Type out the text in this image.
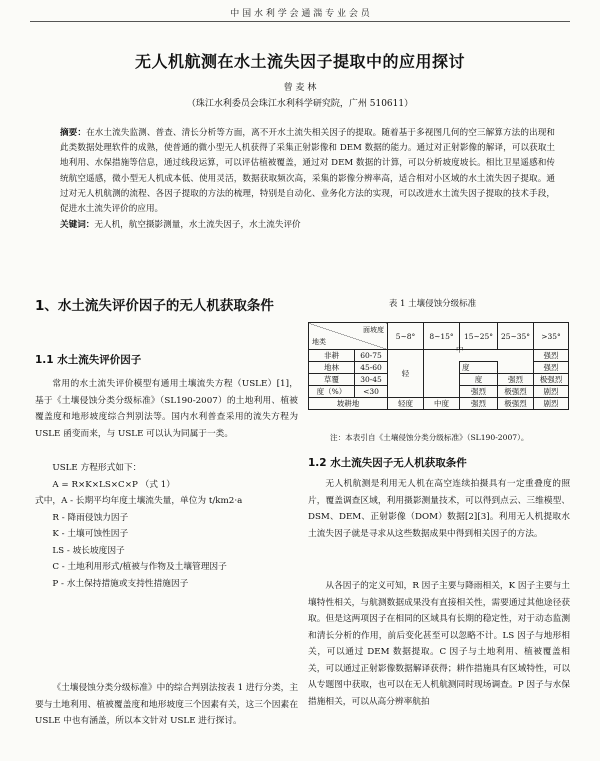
中 国 水 利 学 会 通 湍 专 业 会 员
无人机航测在水土流失因子提取中的应用探讨
曾 麦 林
（珠江水利委员会珠江水利科学研究院，广州 510611）
摘要：在水土流失监测、普查、清长分析等方面，离不开水土流失相关因子的提取。随着基于多视图几何的空三解算方法的出现和此类数据处理软件的成熟，使普通的微小型无人机获得了采集正射影像和 DEM 数据的能力。通过对正射影像的解译，可以获取土地利用、水保措施等信息，通过线段运算，可以评估植被覆盖，通过对 DEM 数据的计算，可以分析坡度坡长。相比卫星遥感和传统航空遥感，微小型无人机成本低、使用灵活，数据获取频次高，采集的影像分辨率高，适合相对小区域的水土流失因子提取。通过对无人机航测的流程、各因子提取的方法的梳理，特别是自动化、业务化方法的实现，可以改进水土流失因子提取的技术手段，促进水土流失评价的应用。
关键词：无人机，航空摄影测量，水土流失因子，水土流失评价
1、水土流失评价因子的无人机获取条件
1.1 水土流失评价因子
常用的水土流失评价模型有通用土壤流失方程（USLE）[1]，基于《土壤侵蚀分类分级标准》（SL190-2007）的土地利用、植被覆盖度和地形坡度综合判别法等。国内水利普查采用的流失方程为 USLE 函变而来，与 USLE 可以认为同属于一类。

USLE 方程形式如下：

A = R×K×LS×C×P （式 1）

式中，A - 长期平均年度土壤流失量，单位为 t/km2·a

R - 降雨侵蚀力因子

K - 土壤可蚀性因子

LS - 坡长坡度因子

C - 土地利用形式/植被与作物及土壤管理因子

P - 水土保持措施或支持性措施因子

《土壤侵蚀分类分级标准》中的综合判别法按表 1 进行分类，主要与土地利用、植被覆盖度和地形坡度三个因素有关，这三个因素在 USLE 中也有涵盖，所以本文针对 USLE 进行探讨。
表 1 土壤侵蚀分级标准
面坡度
地类		5~8°	8~15°	15~25°	25~35°	>35°
非耕	60-75	轻				强烈
地林	45-60			度		强烈
草覆	30-45			度	强烈	极强烈
度（%）	<30			强烈	极强烈	剧烈
坡耕地		轻度	中度	强烈	极强烈	剧烈
中
注：本表引自《土壤侵蚀分类分级标准》（SL190-2007）。
1.2 水土流失因子无人机获取条件
无人机航测是利用无人机在高空连续拍摄具有一定重叠度的照片，覆盖调查区域，利用摄影测量技术，可以得到点云、三维模型、DSM、DEM、正射影像（DOM）数据[2][3]。利用无人机提取水土流失因子就是寻求从这些数据成果中得到相关因子的方法。
从各因子的定义可知，R 因子主要与降雨相关，K 因子主要与土壤特性相关，与航测数据成果没有直接相关性，需要通过其他途径获取。但是这两项因子在相同的区域具有长期的稳定性，对于动态监测和清长分析的作用，前后变化甚至可以忽略不计。LS 因子与地形相关，可以通过 DEM 数据提取。C 因子与土地利用、植被覆盖相关，可以通过正射影像数据解译获得；耕作措施具有区域特性，可以从专题图中获取，也可以在无人机航测同时现场调查。P 因子与水保措施相关，可以从高分辨率航拍
